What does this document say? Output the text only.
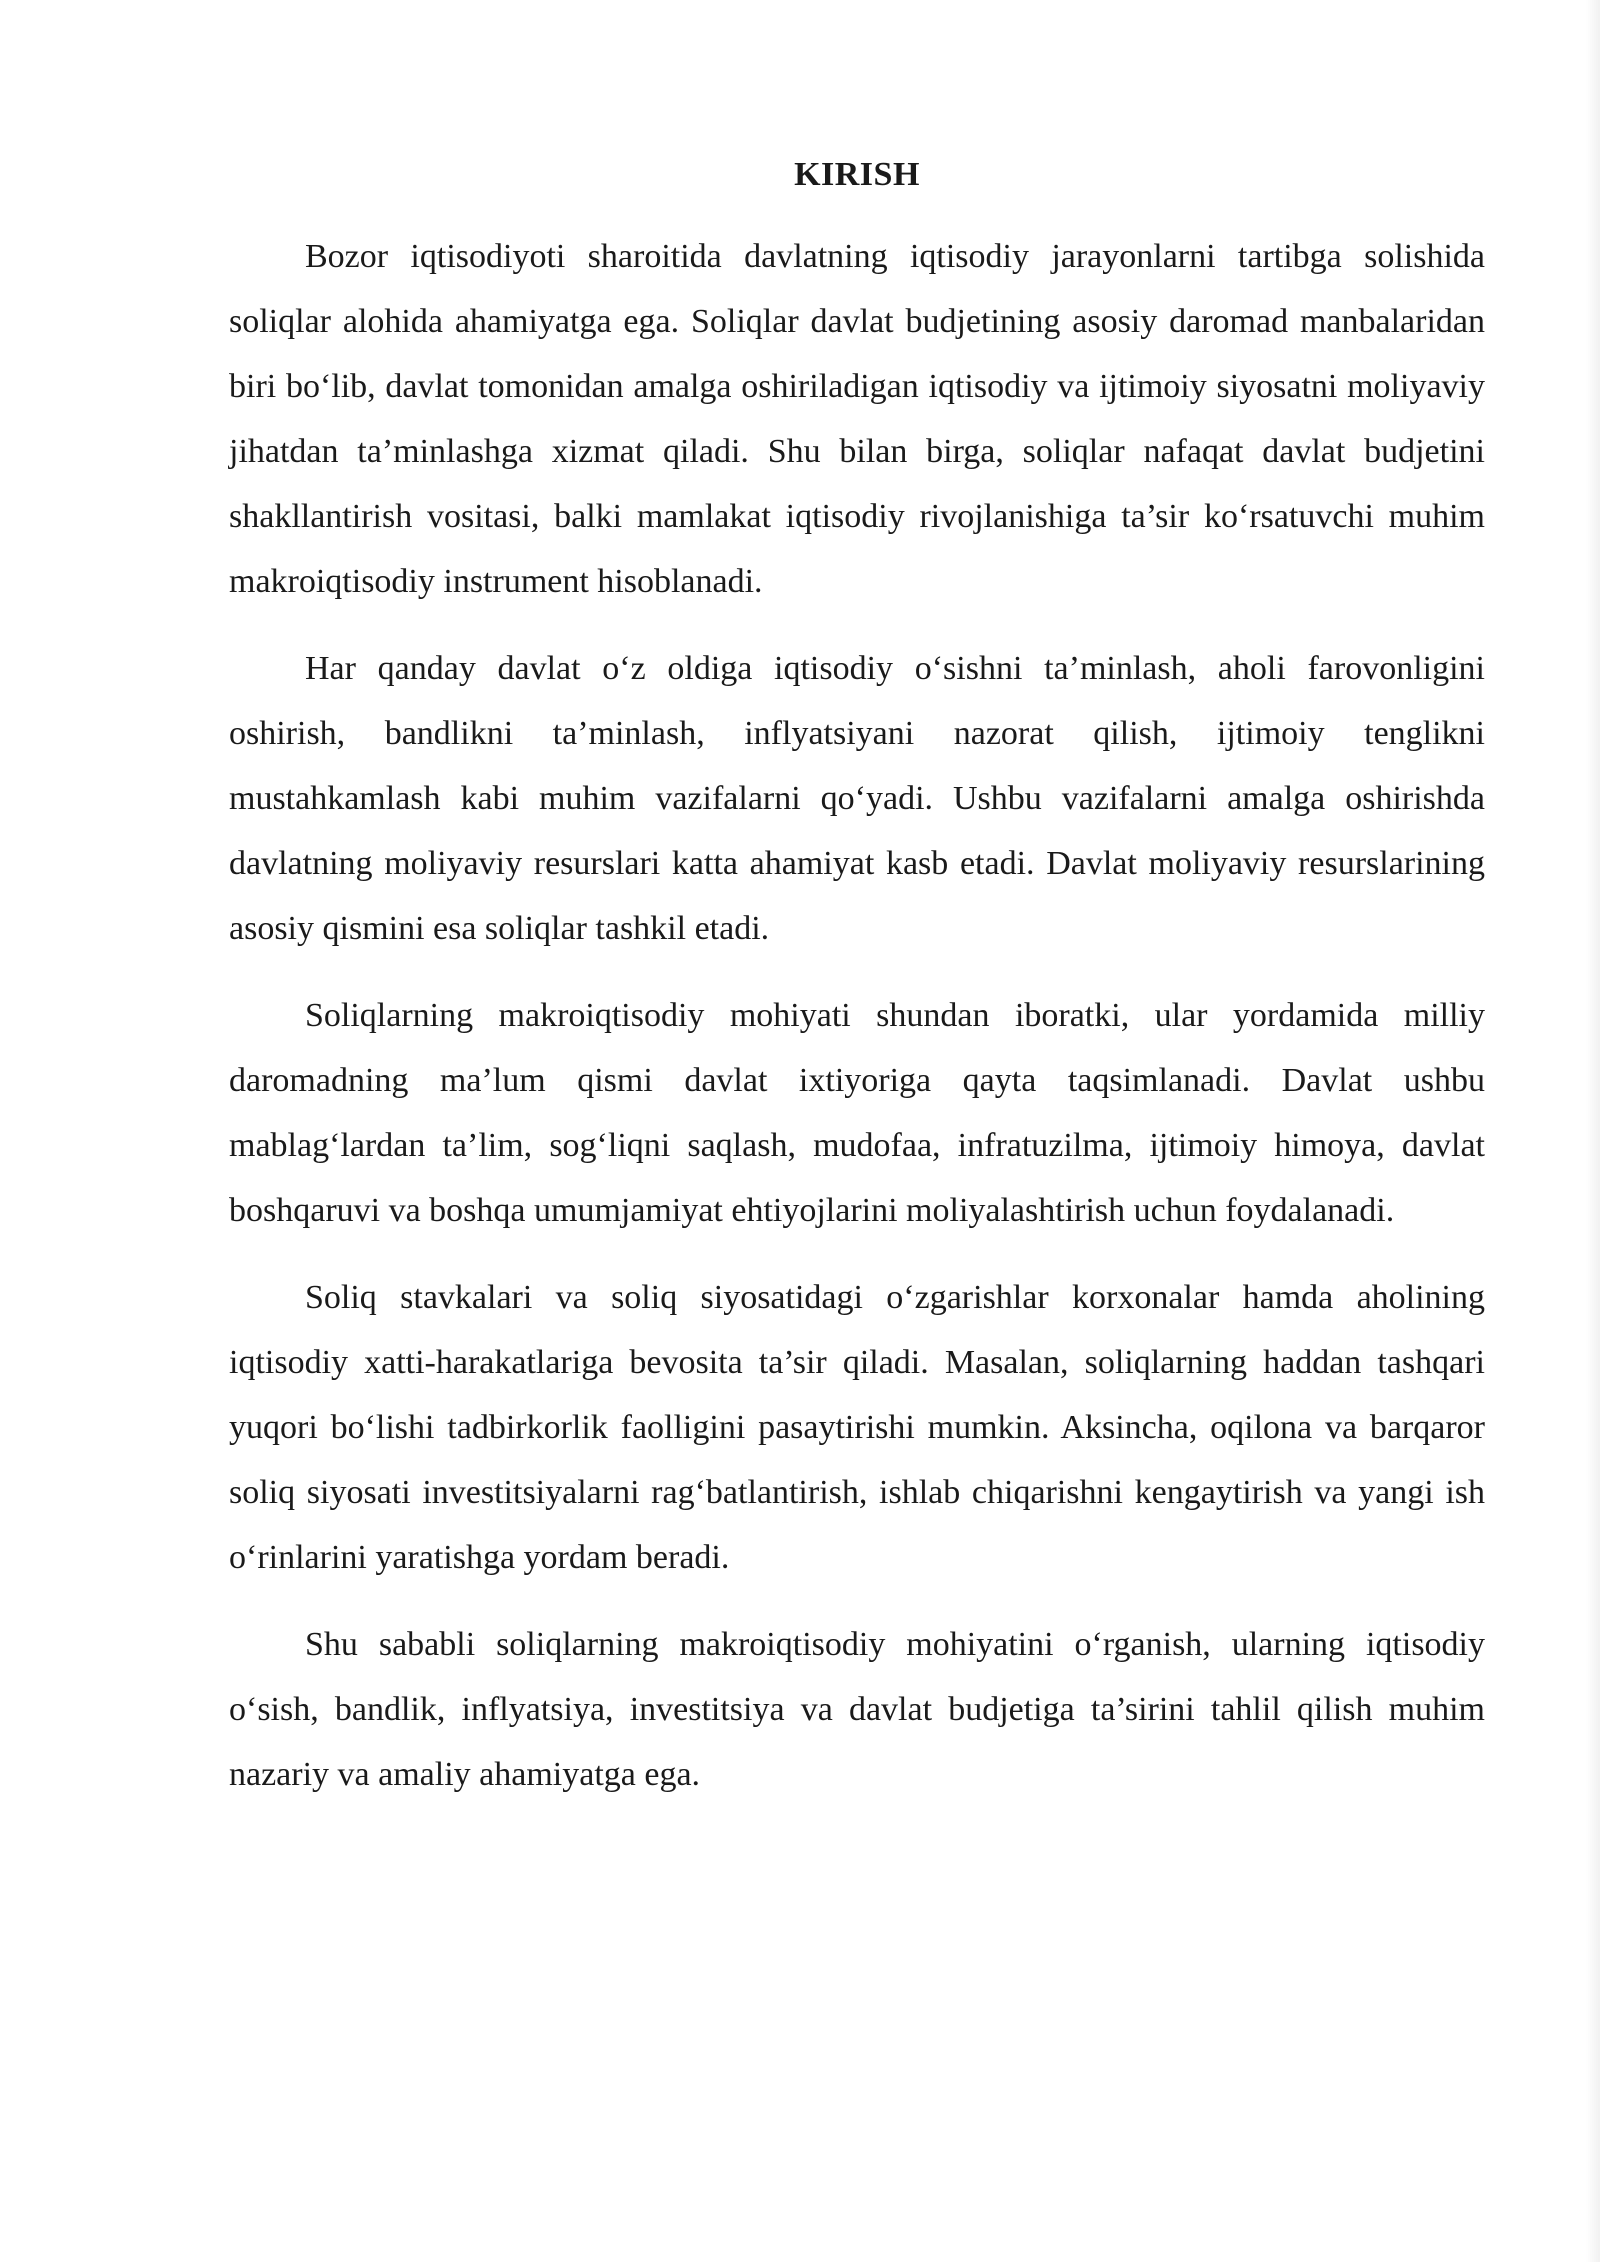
KIRISH

Bozor iqtisodiyoti sharoitida davlatning iqtisodiy jarayonlarni tartibga solishida soliqlar alohida ahamiyatga ega. Soliqlar davlat budjetining asosiy daromad manbalaridan biri bo‘lib, davlat tomonidan amalga oshiriladigan iqtisodiy va ijtimoiy siyosatni moliyaviy jihatdan ta’minlashga xizmat qiladi. Shu bilan birga, soliqlar nafaqat davlat budjetini shakllantirish vositasi, balki mamlakat iqtisodiy rivojlanishiga ta’sir ko‘rsatuvchi muhim makroiqtisodiy instrument hisoblanadi.

Har qanday davlat o‘z oldiga iqtisodiy o‘sishni ta’minlash, aholi farovonligini oshirish, bandlikni ta’minlash, inflyatsiyani nazorat qilish, ijtimoiy tenglikni mustahkamlash kabi muhim vazifalarni qo‘yadi. Ushbu vazifalarni amalga oshirishda davlatning moliyaviy resurslari katta ahamiyat kasb etadi. Davlat moliyaviy resurslarining asosiy qismini esa soliqlar tashkil etadi.

Soliqlarning makroiqtisodiy mohiyati shundan iboratki, ular yordamida milliy daromadning ma’lum qismi davlat ixtiyoriga qayta taqsimlanadi. Davlat ushbu mablag‘lardan ta’lim, sog‘liqni saqlash, mudofaa, infratuzilma, ijtimoiy himoya, davlat boshqaruvi va boshqa umumjamiyat ehtiyojlarini moliyalashtirish uchun foydalanadi.

Soliq stavkalari va soliq siyosatidagi o‘zgarishlar korxonalar hamda aholining iqtisodiy xatti-harakatlariga bevosita ta’sir qiladi. Masalan, soliqlarning haddan tashqari yuqori bo‘lishi tadbirkorlik faolligini pasaytirishi mumkin. Aksincha, oqilona va barqaror soliq siyosati investitsiyalarni rag‘batlantirish, ishlab chiqarishni kengaytirish va yangi ish o‘rinlarini yaratishga yordam beradi.

Shu sababli soliqlarning makroiqtisodiy mohiyatini o‘rganish, ularning iqtisodiy o‘sish, bandlik, inflyatsiya, investitsiya va davlat budjetiga ta’sirini tahlil qilish muhim nazariy va amaliy ahamiyatga ega.
